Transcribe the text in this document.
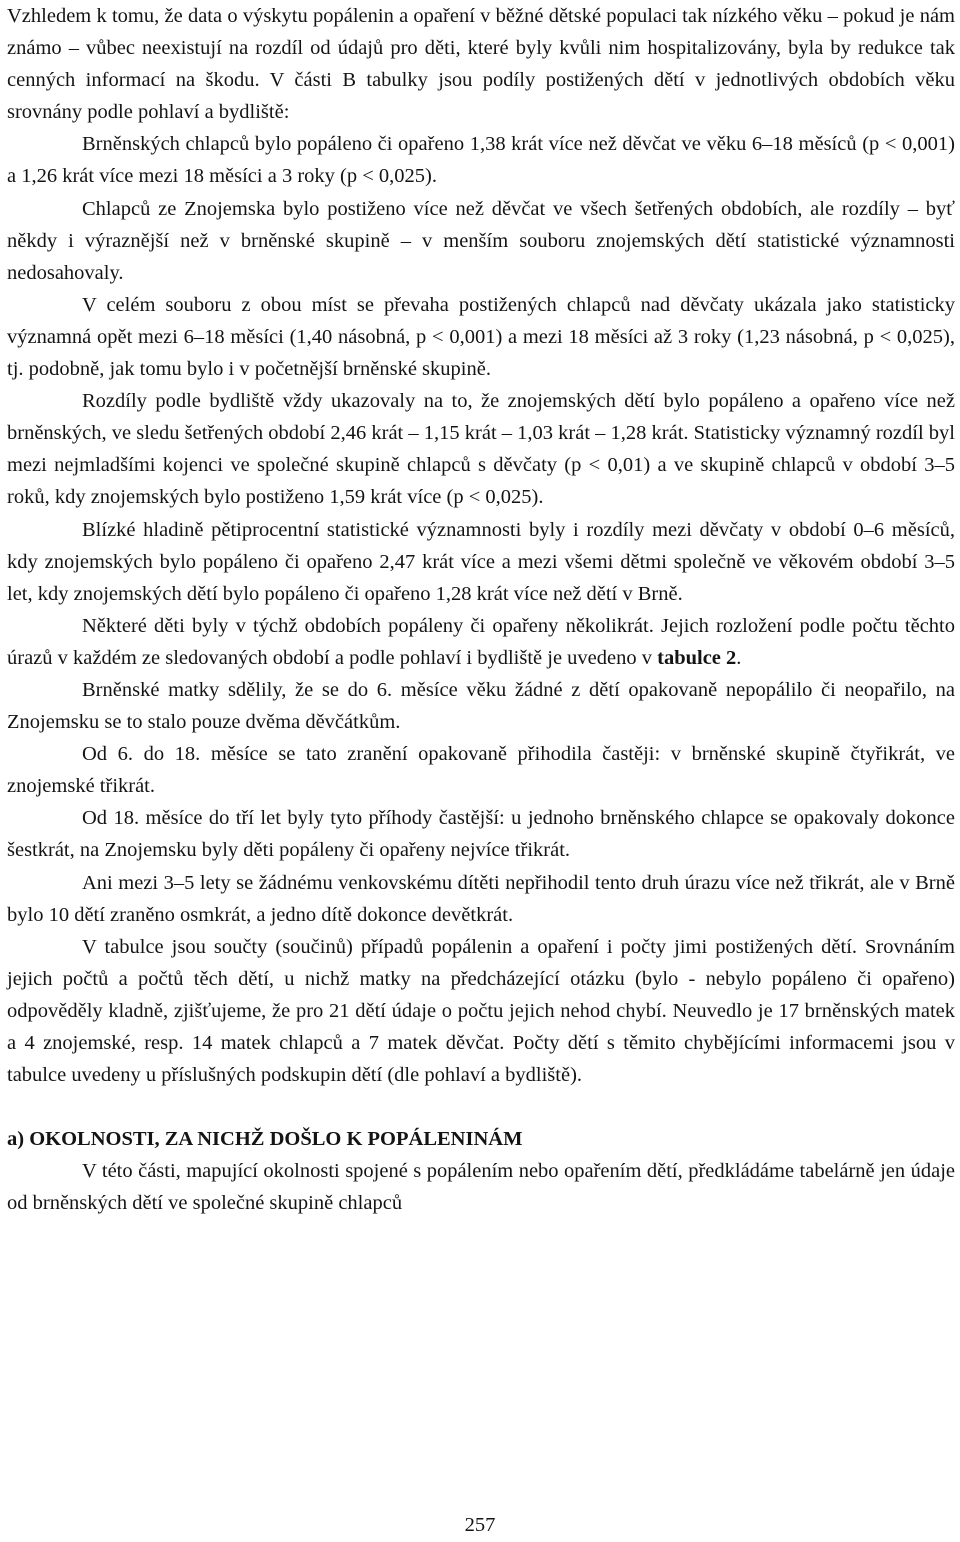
Vzhledem k tomu, že data o výskytu popálenin a opaření v běžné dětské populaci tak nízkého věku – pokud je nám známo – vůbec neexistují na rozdíl od údajů pro děti, které byly kvůli nim hospitalizovány, byla by redukce tak cenných informací na škodu. V části B tabulky jsou podíly postižených dětí v jednotlivých obdobích věku srovnány podle pohlaví a bydliště:

Brněnských chlapců bylo popáleno či opařeno 1,38 krát více než děvčat ve věku 6–18 měsíců (p < 0,001) a 1,26 krát více mezi 18 měsíci a 3 roky (p < 0,025).

Chlapců ze Znojemska bylo postiženo více než děvčat ve všech šetřených obdobích, ale rozdíly – byť někdy i výraznější než v brněnské skupině – v menším souboru znojemských dětí statistické významnosti nedosahovaly.

V celém souboru z obou míst se převaha postižených chlapců nad děvčaty ukázala jako statisticky významná opět mezi 6–18 měsíci (1,40 násobná, p < 0,001) a mezi 18 měsíci až 3 roky (1,23 násobná, p < 0,025), tj. podobně, jak tomu bylo i v početnější brněnské skupině.

Rozdíly podle bydliště vždy ukazovaly na to, že znojemských dětí bylo popáleno a opařeno více než brněnských, ve sledu šetřených období 2,46 krát – 1,15 krát – 1,03 krát – 1,28 krát. Statisticky významný rozdíl byl mezi nejmladšími kojenci ve společné skupině chlapců s děvčaty (p < 0,01) a ve skupině chlapců v období 3–5 roků, kdy znojemských bylo postiženo 1,59 krát více (p < 0,025).

Blízké hladině pětiprocentní statistické významnosti byly i rozdíly mezi děvčaty v období 0–6 měsíců, kdy znojemských bylo popáleno či opařeno 2,47 krát více a mezi všemi dětmi společně ve věkovém období 3–5 let, kdy znojemských dětí bylo popáleno či opařeno 1,28 krát více než dětí v Brně.

Některé děti byly v týchž obdobích popáleny či opařeny několikrát. Jejich rozložení podle počtu těchto úrazů v každém ze sledovaných období a podle pohlaví i bydliště je uvedeno v tabulce 2.

Brněnské matky sdělily, že se do 6. měsíce věku žádné z dětí opakovaně nepopálilo či neopařilo, na Znojemsku se to stalo pouze dvěma děvčátkům.

Od 6. do 18. měsíce se tato zranění opakovaně přihodila častěji: v brněnské skupině čtyřikrát, ve znojemské třikrát.

Od 18. měsíce do tří let byly tyto příhody častější: u jednoho brněnského chlapce se opakovaly dokonce šestkrát, na Znojemsku byly děti popáleny či opařeny nejvíce třikrát.

Ani mezi 3–5 lety se žádnému venkovskému dítěti nepřihodil tento druh úrazu více než třikrát, ale v Brně bylo 10 dětí zraněno osmkrát, a jedno dítě dokonce devětkrát.

V tabulce jsou součty (součinů) případů popálenin a opaření i počty jimi postižených dětí. Srovnáním jejich počtů a počtů těch dětí, u nichž matky na předcházející otázku (bylo - nebylo popáleno či opařeno) odpověděly kladně, zjišťujeme, že pro 21 dětí údaje o počtu jejich nehod chybí. Neuvedlo je 17 brněnských matek a 4 znojemské, resp. 14 matek chlapců a 7 matek děvčat. Počty dětí s těmito chybějícími informacemi jsou v tabulce uvedeny u příslušných podskupin dětí (dle pohlaví a bydliště).

a) OKOLNOSTI, ZA NICHŽ DOŠLO K POPÁLENINÁM

V této části, mapující okolnosti spojené s popálením nebo opařením dětí, předkládáme tabelárně jen údaje od brněnských dětí ve společné skupině chlapců

257
